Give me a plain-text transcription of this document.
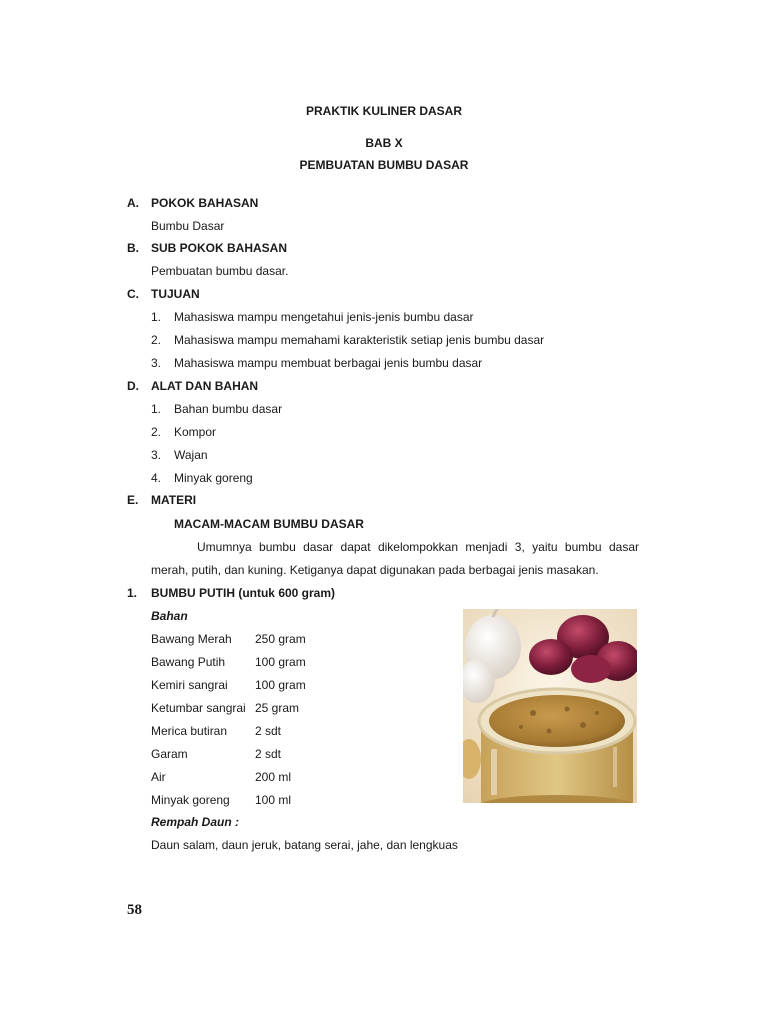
PRAKTIK KULINER DASAR
BAB X
PEMBUATAN BUMBU DASAR
A. POKOK BAHASAN
Bumbu Dasar
B. SUB POKOK BAHASAN
Pembuatan bumbu dasar.
C. TUJUAN
1. Mahasiswa mampu mengetahui jenis-jenis bumbu dasar
2. Mahasiswa mampu memahami karakteristik setiap jenis bumbu dasar
3. Mahasiswa mampu membuat berbagai jenis bumbu dasar
D. ALAT DAN BAHAN
1. Bahan bumbu dasar
2. Kompor
3. Wajan
4. Minyak goreng
E. MATERI
MACAM-MACAM BUMBU DASAR
Umumnya bumbu dasar dapat dikelompokkan menjadi 3, yaitu bumbu dasar merah, putih, dan kuning. Ketiganya dapat digunakan pada berbagai jenis masakan.
1. BUMBU PUTIH (untuk 600 gram)
Bahan
Bawang Merah 250 gram
Bawang Putih 100 gram
Kemiri sangrai 100 gram
Ketumbar sangrai 25 gram
Merica butiran 2 sdt
Garam	2 sdt
Air	200 ml
Minyak goreng 100 ml
Rempah Daun :
Daun salam, daun jeruk, batang serai, jahe, dan lengkuas
58
